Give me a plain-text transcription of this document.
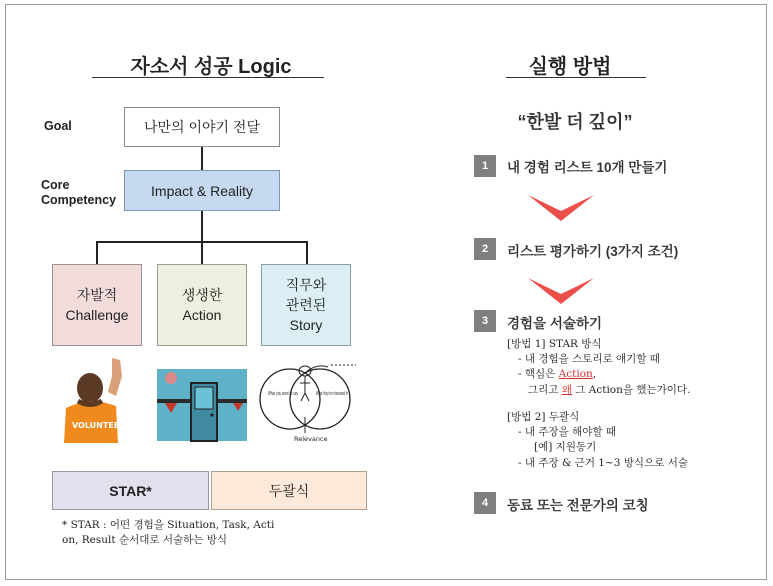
자소서 성공 Logic
Goal
Core
Competency
나만의 이야기 전달
Impact & Reality
자발적
Challenge
생생한
Action
직무와
관련된
Story
VOLUNTEER
What you want to say	What they're interested in
Relevance
STAR*	두괄식
* STAR : 어떤 경험을 Situation, Task, Acti
on, Result 순서대로 서술하는 방식
실행 방법
“한발 더 깊이”
1	내 경험 리스트 10개 만들기
2	리스트 평가하기 (3가지 조건)
3	경험을 서술하기
[방법 1] STAR 방식
- 내 경험을 스토리로 얘기할 때
- 핵심은 Action,
그리고 왜 그 Action을 했는가이다.
[방법 2] 두괄식
- 내 주장을 해야할 때
[예] 지원동기
- 내 주장 & 근거 1~3 방식으로 서술
4	동료 또는 전문가의 코칭
